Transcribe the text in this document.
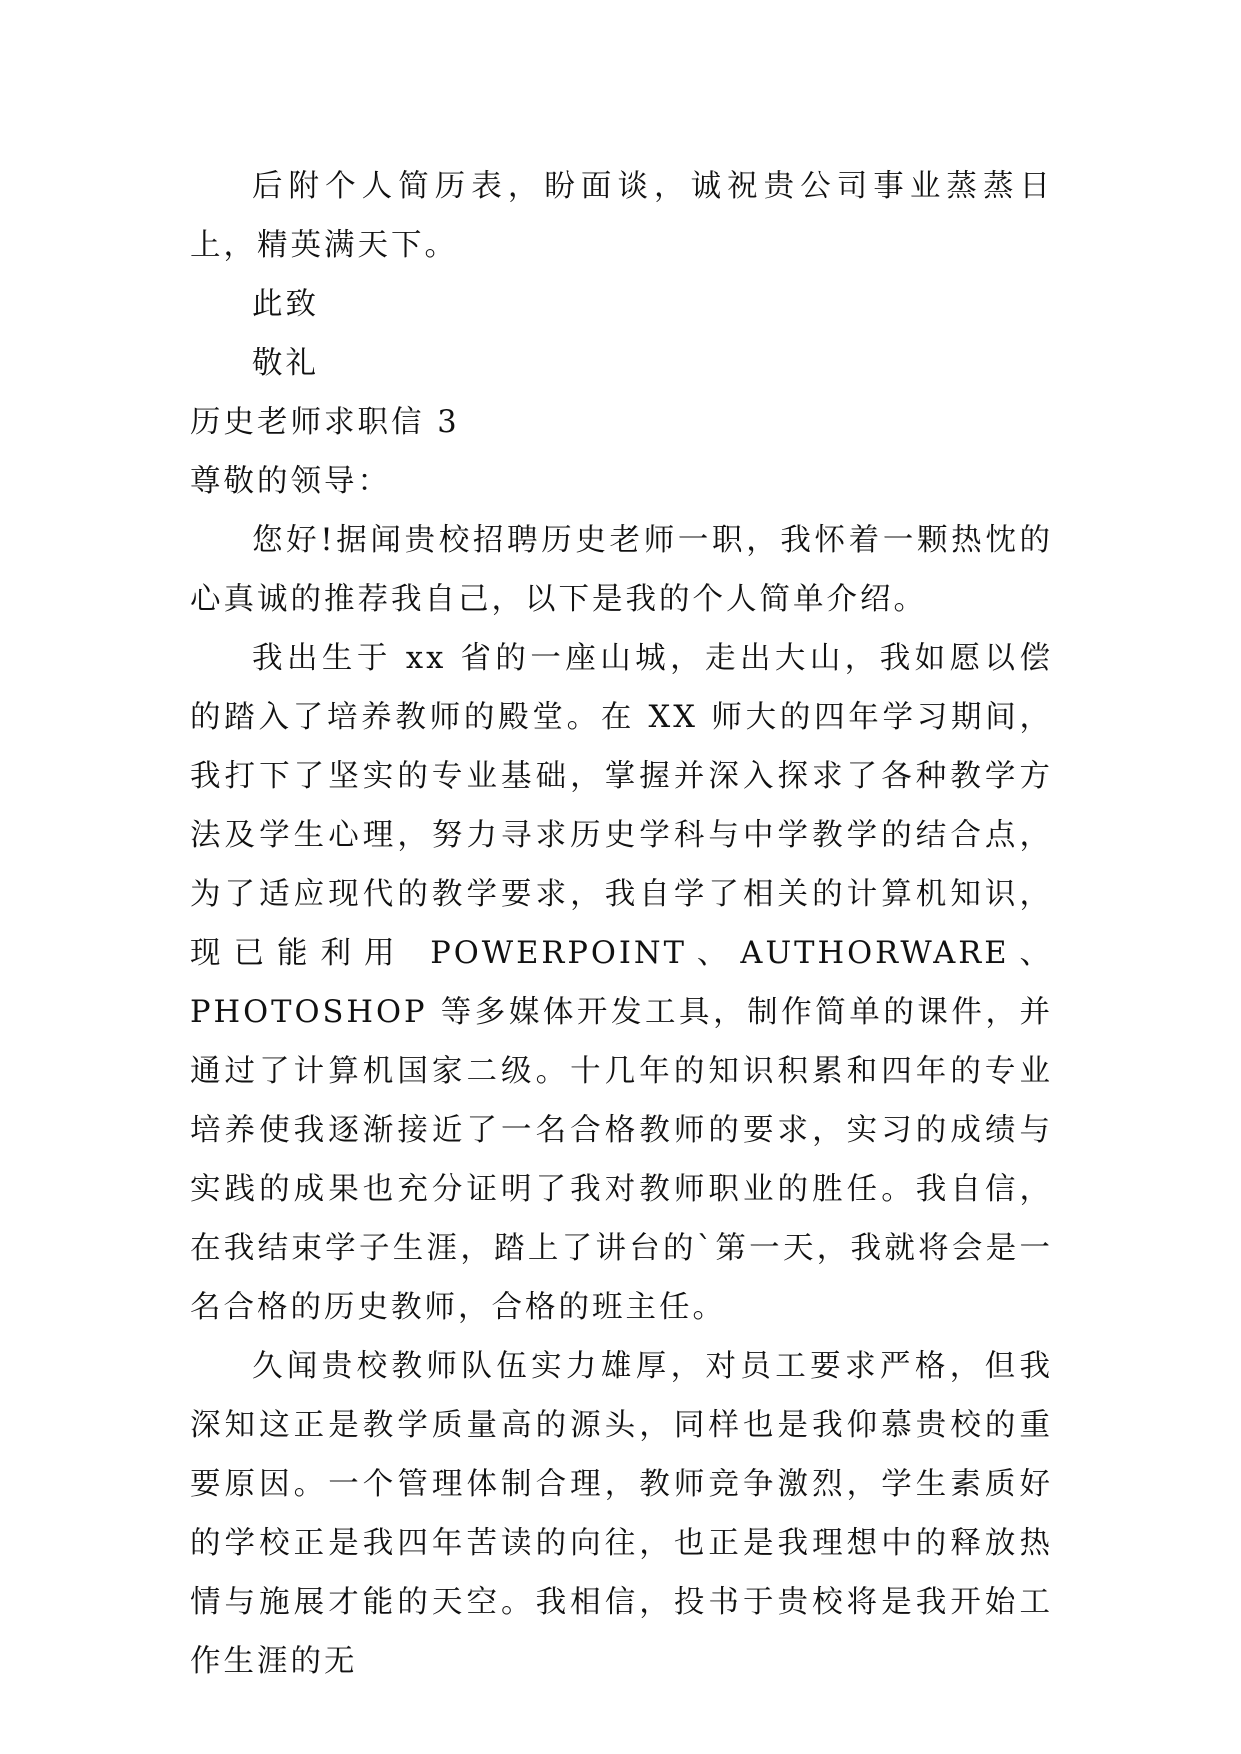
后附个人简历表，盼面谈，诚祝贵公司事业蒸蒸日上，精英满天下。

此致

敬礼

历史老师求职信 3

尊敬的领导：

您好!据闻贵校招聘历史老师一职，我怀着一颗热忱的心真诚的推荐我自己，以下是我的个人简单介绍。

我出生于 xx 省的一座山城，走出大山，我如愿以偿的踏入了培养教师的殿堂。在 XX 师大的四年学习期间，我打下了坚实的专业基础，掌握并深入探求了各种教学方法及学生心理，努力寻求历史学科与中学教学的结合点，为了适应现代的教学要求，我自学了相关的计算机知识，现已能利用 POWERPOINT、AUTHORWARE、PHOTOSHOP 等多媒体开发工具，制作简单的课件，并通过了计算机国家二级。十几年的知识积累和四年的专业培养使我逐渐接近了一名合格教师的要求，实习的成绩与实践的成果也充分证明了我对教师职业的胜任。我自信，在我结束学子生涯，踏上了讲台的`第一天，我就将会是一名合格的历史教师，合格的班主任。

久闻贵校教师队伍实力雄厚，对员工要求严格，但我深知这正是教学质量高的源头，同样也是我仰慕贵校的重要原因。一个管理体制合理，教师竞争激烈，学生素质好的学校正是我四年苦读的向往，也正是我理想中的释放热情与施展才能的天空。我相信，投书于贵校将是我开始工作生涯的无
